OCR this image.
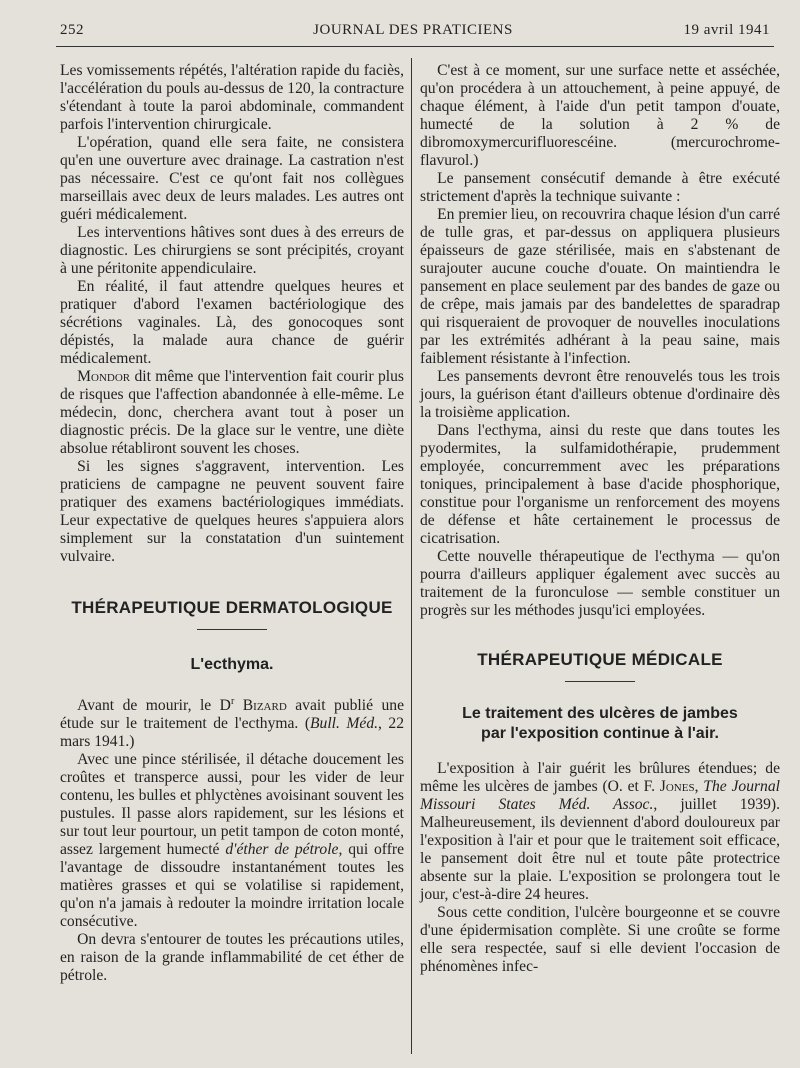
252	JOURNAL DES PRATICIENS	19 avril 1941

Les vomissements répétés, l'altération rapide du faciès, l'accélération du pouls au-dessus de 120, la contracture s'étendant à toute la paroi abdominale, commandent parfois l'intervention chirurgicale.

L'opération, quand elle sera faite, ne consistera qu'en une ouverture avec drainage. La castration n'est pas nécessaire. C'est ce qu'ont fait nos collègues marseillais avec deux de leurs malades. Les autres ont guéri médicalement.

Les interventions hâtives sont dues à des erreurs de diagnostic. Les chirurgiens se sont précipités, croyant à une péritonite appendiculaire.

En réalité, il faut attendre quelques heures et pratiquer d'abord l'examen bactériologique des sécrétions vaginales. Là, des gonocoques sont dépistés, la malade aura chance de guérir médicalement.

Mondor dit même que l'intervention fait courir plus de risques que l'affection abandonnée à elle-même. Le médecin, donc, cherchera avant tout à poser un diagnostic précis. De la glace sur le ventre, une diète absolue rétabliront souvent les choses.

Si les signes s'aggravent, intervention. Les praticiens de campagne ne peuvent souvent faire pratiquer des examens bactériologiques immédiats. Leur expectative de quelques heures s'appuiera alors simplement sur la constatation d'un suintement vulvaire.

THÉRAPEUTIQUE DERMATOLOGIQUE
L'ecthyma.

Avant de mourir, le $D^r$ Bizard avait publié une étude sur le traitement de l'ecthyma. (Bull. Méd., 22 mars 1941.)

Avec une pince stérilisée, il détache doucement les croûtes et transperce aussi, pour les vider de leur contenu, les bulles et phlyctènes avoisinant souvent les pustules. Il passe alors rapidement, sur les lésions et sur tout leur pourtour, un petit tampon de coton monté, assez largement humecté d'éther de pétrole, qui offre l'avantage de dissoudre instantanément toutes les matières grasses et qui se volatilise si rapidement, qu'on n'a jamais à redouter la moindre irritation locale consécutive.

On devra s'entourer de toutes les précautions utiles, en raison de la grande inflammabilité de cet éther de pétrole.

C'est à ce moment, sur une surface nette et asséchée, qu'on procédera à un attouchement, à peine appuyé, de chaque élément, à l'aide d'un petit tampon d'ouate, humecté de la solution à 2 % de dibromoxymercurifluorescéine. (mercurochrome-flavurol.)

Le pansement consécutif demande à être exécuté strictement d'après la technique suivante :

En premier lieu, on recouvrira chaque lésion d'un carré de tulle gras, et par-dessus on appliquera plusieurs épaisseurs de gaze stérilisée, mais en s'abstenant de surajouter aucune couche d'ouate. On maintiendra le pansement en place seulement par des bandes de gaze ou de crêpe, mais jamais par des bandelettes de sparadrap qui risqueraient de provoquer de nouvelles inoculations par les extrémités adhérant à la peau saine, mais faiblement résistante à l'infection.

Les pansements devront être renouvelés tous les trois jours, la guérison étant d'ailleurs obtenue d'ordinaire dès la troisième application.

Dans l'ecthyma, ainsi du reste que dans toutes les pyodermites, la sulfamidothérapie, prudemment employée, concurremment avec les préparations toniques, principalement à base d'acide phosphorique, constitue pour l'organisme un renforcement des moyens de défense et hâte certainement le processus de cicatrisation.

Cette nouvelle thérapeutique de l'ecthyma — qu'on pourra d'ailleurs appliquer également avec succès au traitement de la furonculose — semble constituer un progrès sur les méthodes jusqu'ici employées.

THÉRAPEUTIQUE MÉDICALE
Le traitement des ulcères de jambes
par l'exposition continue à l'air.

L'exposition à l'air guérit les brûlures étendues; de même les ulcères de jambes (O. et F. Jones, The Journal Missouri States Méd. Assoc., juillet 1939). Malheureusement, ils deviennent d'abord douloureux par l'exposition à l'air et pour que le traitement soit efficace, le pansement doit être nul et toute pâte protectrice absente sur la plaie. L'exposition se prolongera tout le jour, c'est-à-dire 24 heures.

Sous cette condition, l'ulcère bourgeonne et se couvre d'une épidermisation complète. Si une croûte se forme elle sera respectée, sauf si elle devient l'occasion de phénomènes infec-
